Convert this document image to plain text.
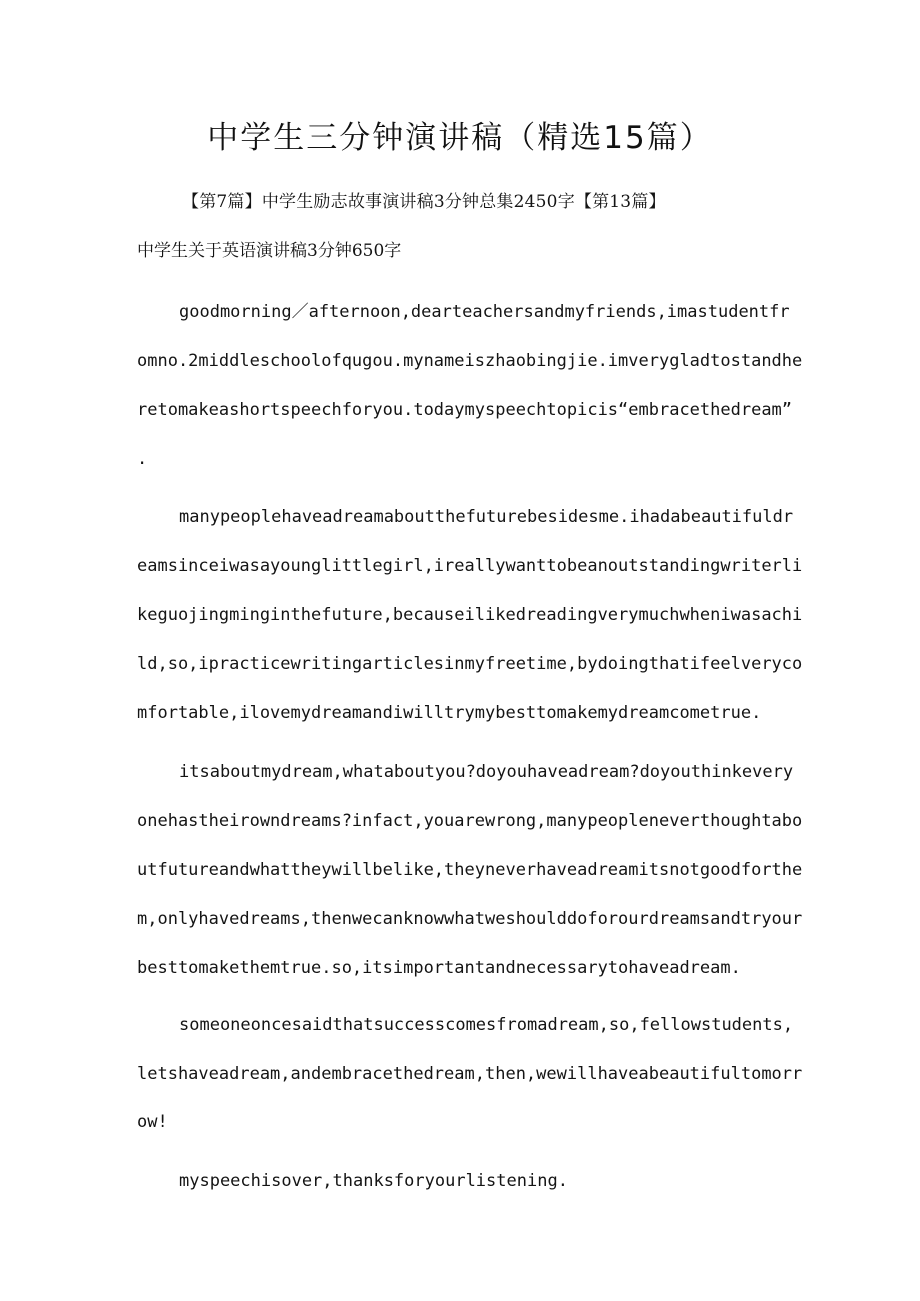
中学生三分钟演讲稿（精选15篇）
【第7篇】中学生励志故事演讲稿3分钟总集2450字【第13篇】
中学生关于英语演讲稿3分钟650字
goodmorning／afternoon,dearteachersandmyfriends,imastudentfr
omno.2middleschoolofqugou.mynameiszhaobingjie.imverygladtostandhe
retomakeashortspeechforyou.todaymyspeechtopicis“embracethedream”
.
manypeoplehaveadreamaboutthefuturebesidesme.ihadabeautifuldr
eamsinceiwasayounglittlegirl,ireallywanttobeanoutstandingwriterli
keguojingminginthefuture,becauseilikedreadingverymuchwheniwasachi
ld,so,ipracticewritingarticlesinmyfreetime,bydoingthatifeelveryco
mfortable,ilovemydreamandiwilltrymybesttomakemydreamcometrue.
itsaboutmydream,whataboutyou?doyouhaveadream?doyouthinkevery
onehastheirowndreams?infact,youarewrong,manypeopleneverthoughtabo
utfutureandwhattheywillbelike,theyneverhaveadreamitsnotgoodforthe
m,onlyhavedreams,thenwecanknowwhatweshoulddoforourdreamsandtryour
besttomakethemtrue.so,itsimportantandnecessarytohaveadream.
someoneoncesaidthatsuccesscomesfromadream,so,fellowstudents,
letshaveadream,andembracethedream,then,wewillhaveabeautifultomorr
ow!
myspeechisover,thanksforyourlistening.
